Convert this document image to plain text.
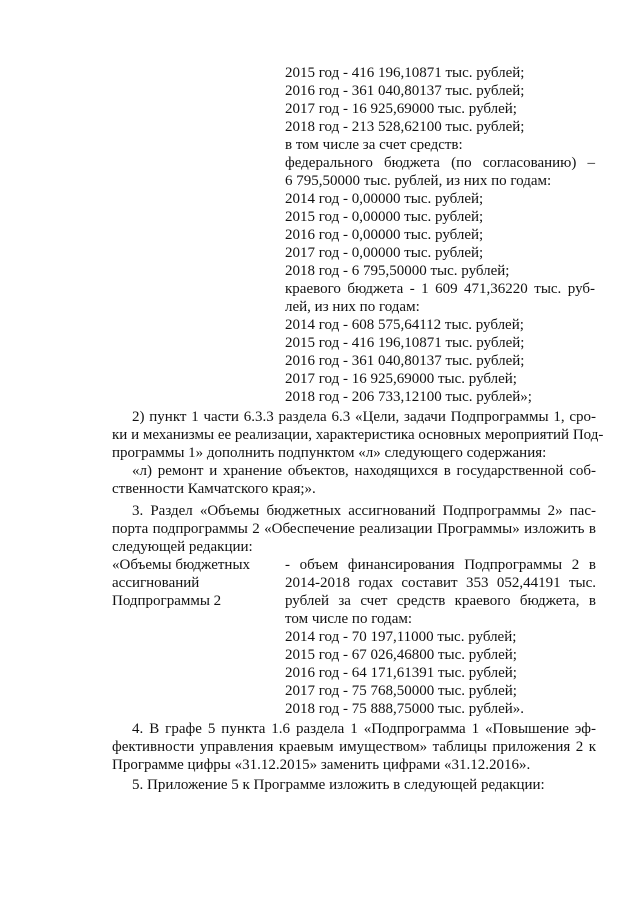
2015 год - 416 196,10871 тыс. рублей;
2016 год - 361 040,80137 тыс. рублей;
2017 год - 16 925,69000 тыс. рублей;
2018 год - 213 528,62100 тыс. рублей;
в том числе за счет средств:
федерального бюджета (по согласованию) –
6 795,50000 тыс. рублей, из них по годам:
2014 год - 0,00000 тыс. рублей;
2015 год - 0,00000 тыс. рублей;
2016 год - 0,00000 тыс. рублей;
2017 год - 0,00000 тыс. рублей;
2018 год - 6 795,50000 тыс. рублей;
краевого бюджета - 1 609 471,36220 тыс. руб-
лей, из них по годам:
2014 год - 608 575,64112 тыс. рублей;
2015 год - 416 196,10871 тыс. рублей;
2016 год - 361 040,80137 тыс. рублей;
2017 год - 16 925,69000 тыс. рублей;
2018 год - 206 733,12100 тыс. рублей»;
2) пункт 1 части 6.3.3 раздела 6.3 «Цели, задачи Подпрограммы 1, сро-
ки и механизмы ее реализации, характеристика основных мероприятий Под-
программы 1» дополнить подпунктом «л» следующего содержания:
«л) ремонт и хранение объектов, находящихся в государственной соб-
ственности Камчатского края;».
3. Раздел «Объемы бюджетных ассигнований Подпрограммы 2» пас-
порта подпрограммы 2 «Обеспечение реализации Программы» изложить в
следующей редакции:
«Объемы бюджетных
ассигнований
Подпрограммы 2
- объем финансирования Подпрограммы 2 в
2014-2018 годах составит 353 052,44191 тыс.
рублей за счет средств краевого бюджета, в
том числе по годам:
2014 год - 70 197,11000 тыс. рублей;
2015 год - 67 026,46800 тыс. рублей;
2016 год - 64 171,61391 тыс. рублей;
2017 год - 75 768,50000 тыс. рублей;
2018 год - 75 888,75000 тыс. рублей».
4. В графе 5 пункта 1.6 раздела 1 «Подпрограмма 1 «Повышение эф-
фективности управления краевым имуществом» таблицы приложения 2 к
Программе цифры «31.12.2015» заменить цифрами «31.12.2016».
5. Приложение 5 к Программе изложить в следующей редакции:
